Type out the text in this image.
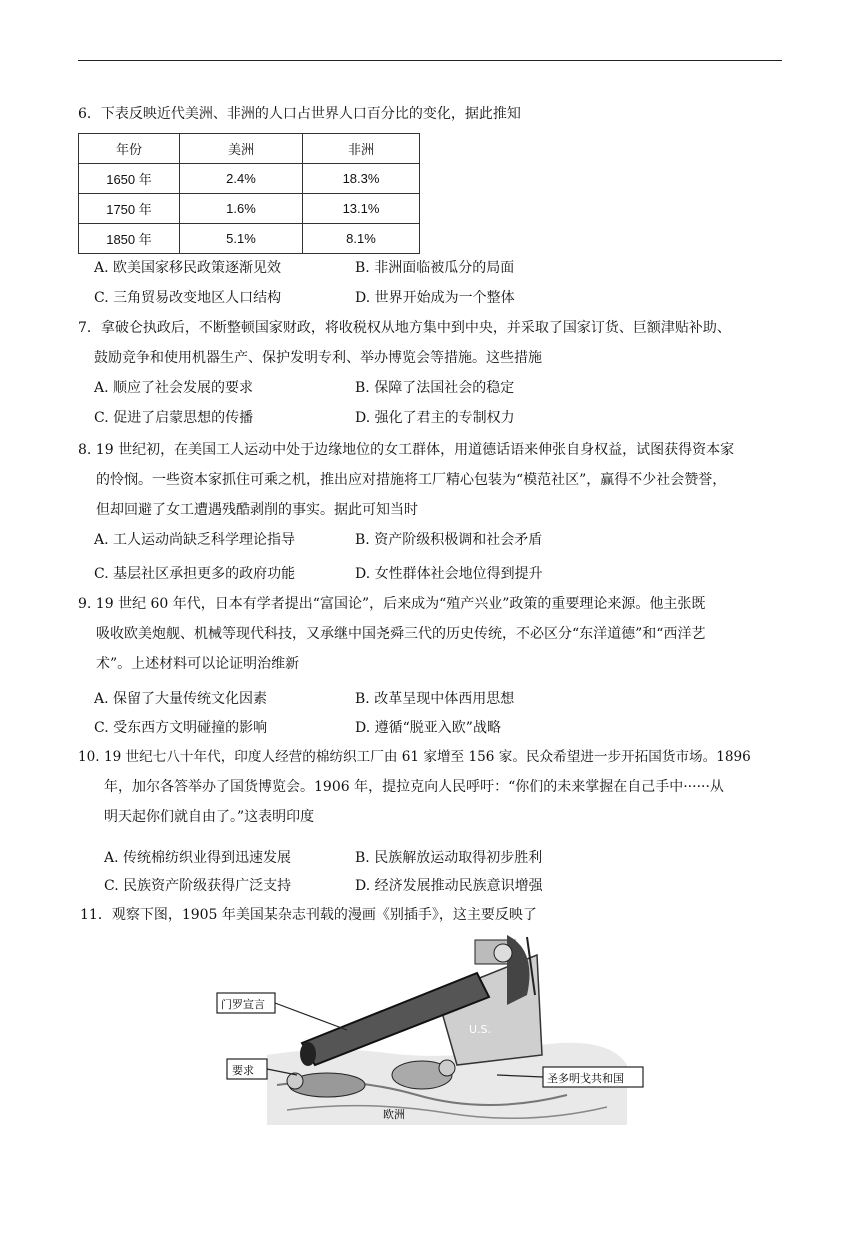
6．下表反映近代美洲、非洲的人口占世界人口百分比的变化，据此推知
年份	美洲	非洲
1650 年	2.4%	18.3%
1750 年	1.6%	13.1%
1850 年	5.1%	8.1%
A. 欧美国家移民政策逐渐见效	B. 非洲面临被瓜分的局面
C. 三角贸易改变地区人口结构	D. 世界开始成为一个整体
7．拿破仑执政后，不断整顿国家财政，将收税权从地方集中到中央，并采取了国家订货、巨额津贴补助、
鼓励竞争和使用机器生产、保护发明专利、举办博览会等措施。这些措施
A. 顺应了社会发展的要求	B. 保障了法国社会的稳定
C. 促进了启蒙思想的传播	D. 强化了君主的专制权力
8. 19 世纪初，在美国工人运动中处于边缘地位的女工群体，用道德话语来伸张自身权益，试图获得资本家
的怜悯。一些资本家抓住可乘之机，推出应对措施将工厂精心包装为“模范社区”，赢得不少社会赞誉，
但却回避了女工遭遇残酷剥削的事实。据此可知当时
A. 工人运动尚缺乏科学理论指导	B. 资产阶级积极调和社会矛盾
C. 基层社区承担更多的政府功能	D. 女性群体社会地位得到提升
9. 19 世纪 60 年代，日本有学者提出“富国论”，后来成为“殖产兴业”政策的重要理论来源。他主张既
吸收欧美炮舰、机械等现代科技，又承继中国尧舜三代的历史传统，不必区分“东洋道德”和“西洋艺
术”。上述材料可以论证明治维新
A. 保留了大量传统文化因素	B. 改革呈现中体西用思想
C. 受东西方文明碰撞的影响	D. 遵循“脱亚入欧”战略
10. 19 世纪七八十年代，印度人经营的棉纺织工厂由 61 家增至 156 家。民众希望进一步开拓国货市场。1896
年，加尔各答举办了国货博览会。1906 年，提拉克向人民呼吁：“你们的未来掌握在自己手中······从
明天起你们就自由了。”这表明印度
A. 传统棉纺织业得到迅速发展	B. 民族解放运动取得初步胜利
C. 民族资产阶级获得广泛支持	D. 经济发展推动民族意识增强
11．观察下图，1905 年美国某杂志刊载的漫画《别插手》，这主要反映了
门罗宣言
要求
圣多明戈共和国
欧洲
U.S.
